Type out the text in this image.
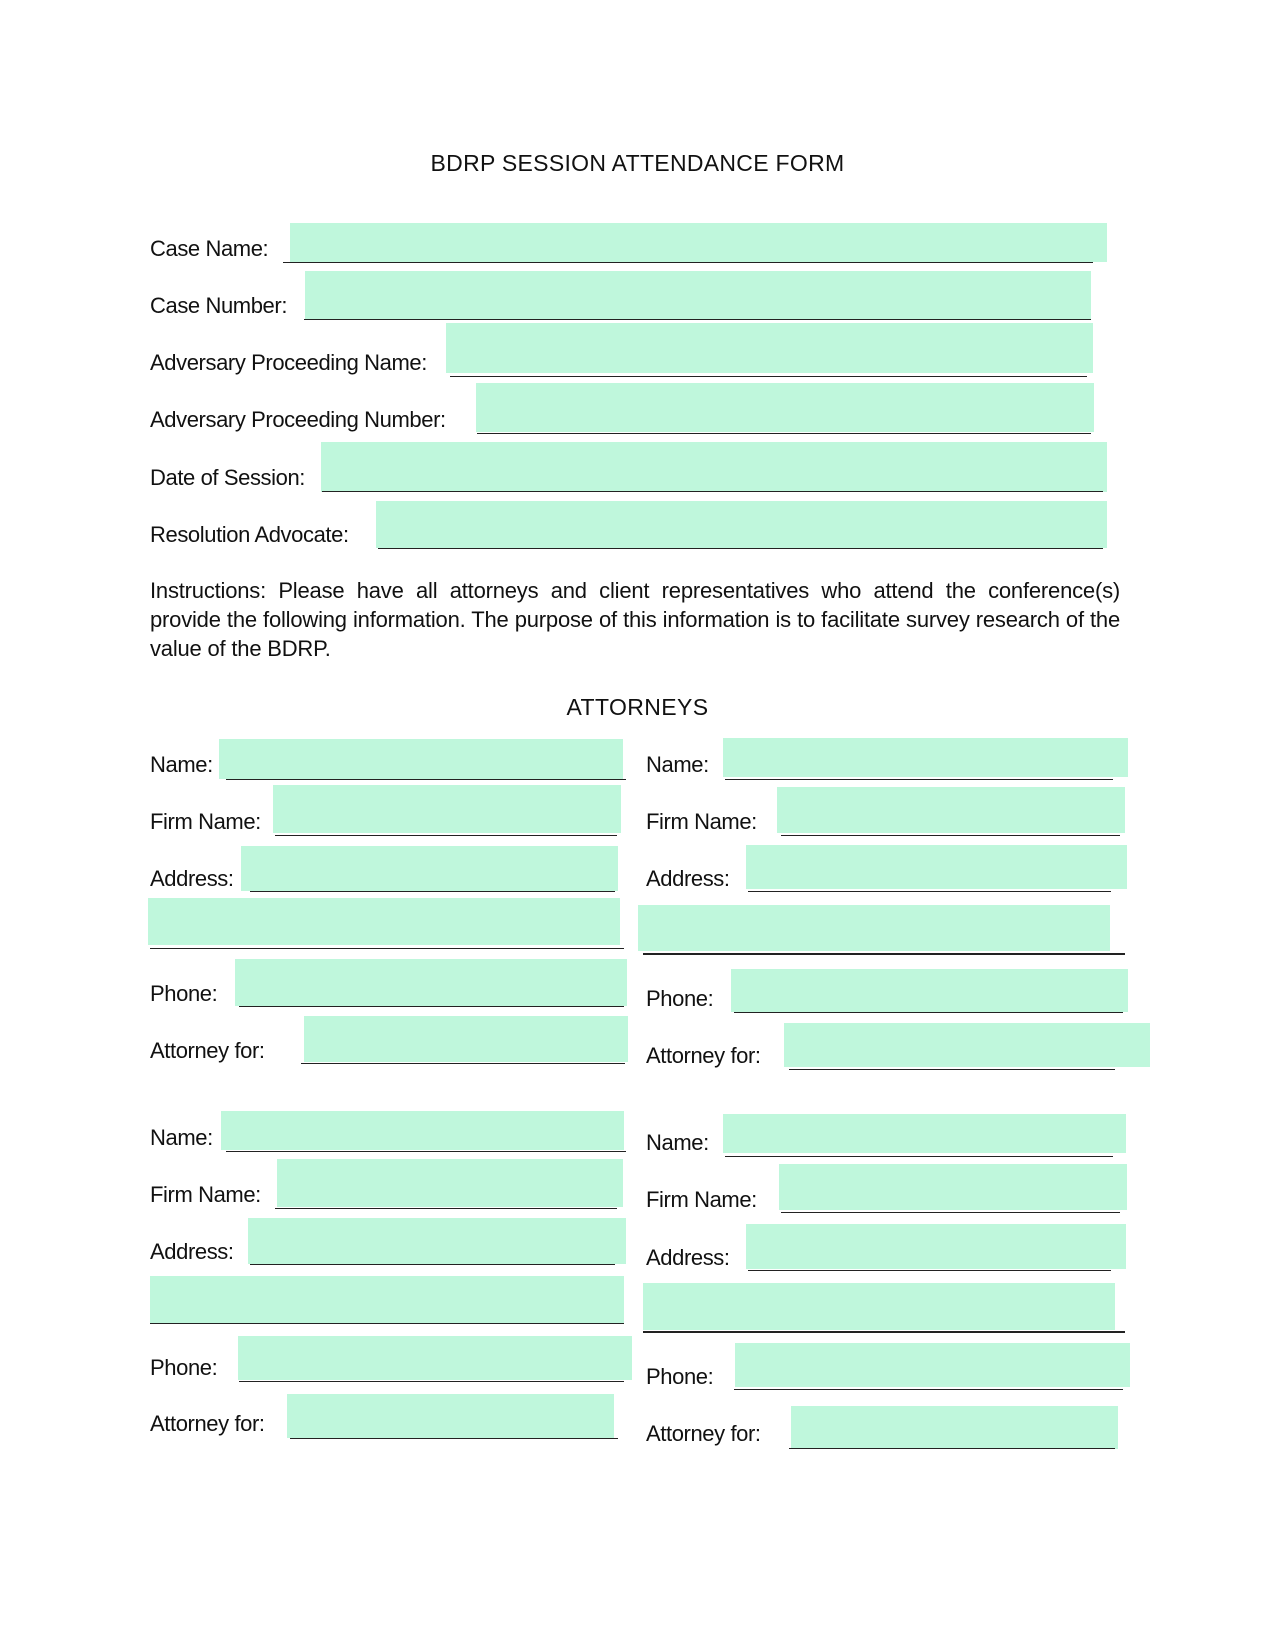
BDRP SESSION ATTENDANCE FORM
Case Name:
Case Number:
Adversary Proceeding Name:
Adversary Proceeding Number:
Date of Session:
Resolution Advocate:
Instructions: Please have all attorneys and client representatives who attend the conference(s) provide the following information. The purpose of this information is to facilitate survey research of the value of the BDRP.
ATTORNEYS
Name:
Firm Name:
Address:
Phone:
Attorney for:
Name:
Firm Name:
Address:
Phone:
Attorney for:
Name:
Firm Name:
Address:
Phone:
Attorney for:
Name:
Firm Name:
Address:
Phone:
Attorney for:
